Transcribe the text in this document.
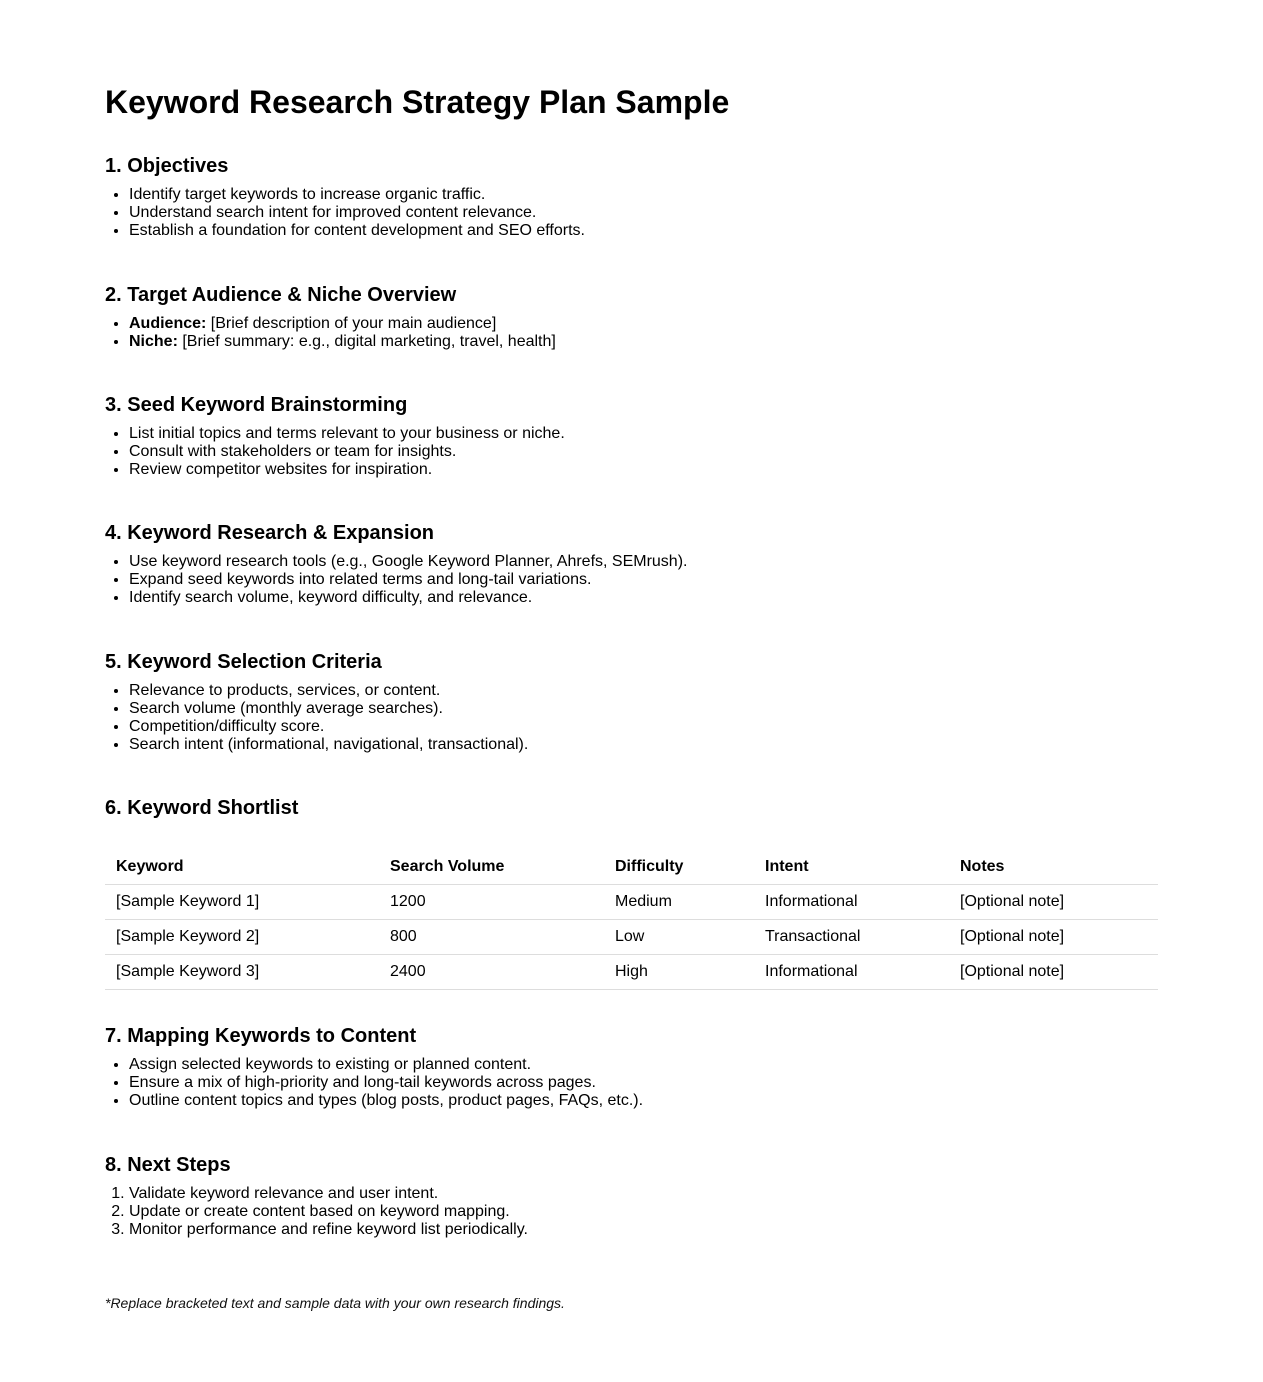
Keyword Research Strategy Plan Sample
1. Objectives
• Identify target keywords to increase organic traffic.
• Understand search intent for improved content relevance.
• Establish a foundation for content development and SEO efforts.
2. Target Audience & Niche Overview
• Audience: [Brief description of your main audience]
• Niche: [Brief summary: e.g., digital marketing, travel, health]
3. Seed Keyword Brainstorming
• List initial topics and terms relevant to your business or niche.
• Consult with stakeholders or team for insights.
• Review competitor websites for inspiration.
4. Keyword Research & Expansion
• Use keyword research tools (e.g., Google Keyword Planner, Ahrefs, SEMrush).
• Expand seed keywords into related terms and long-tail variations.
• Identify search volume, keyword difficulty, and relevance.
5. Keyword Selection Criteria
• Relevance to products, services, or content.
• Search volume (monthly average searches).
• Competition/difficulty score.
• Search intent (informational, navigational, transactional).
6. Keyword Shortlist
Keyword	Search Volume	Difficulty	Intent	Notes
[Sample Keyword 1]	1200	Medium	Informational	[Optional note]
[Sample Keyword 2]	800	Low	Transactional	[Optional note]
[Sample Keyword 3]	2400	High	Informational	[Optional note]
7. Mapping Keywords to Content
• Assign selected keywords to existing or planned content.
• Ensure a mix of high-priority and long-tail keywords across pages.
• Outline content topics and types (blog posts, product pages, FAQs, etc.).
8. Next Steps
1. Validate keyword relevance and user intent.
2. Update or create content based on keyword mapping.
3. Monitor performance and refine keyword list periodically.

*Replace bracketed text and sample data with your own research findings.
